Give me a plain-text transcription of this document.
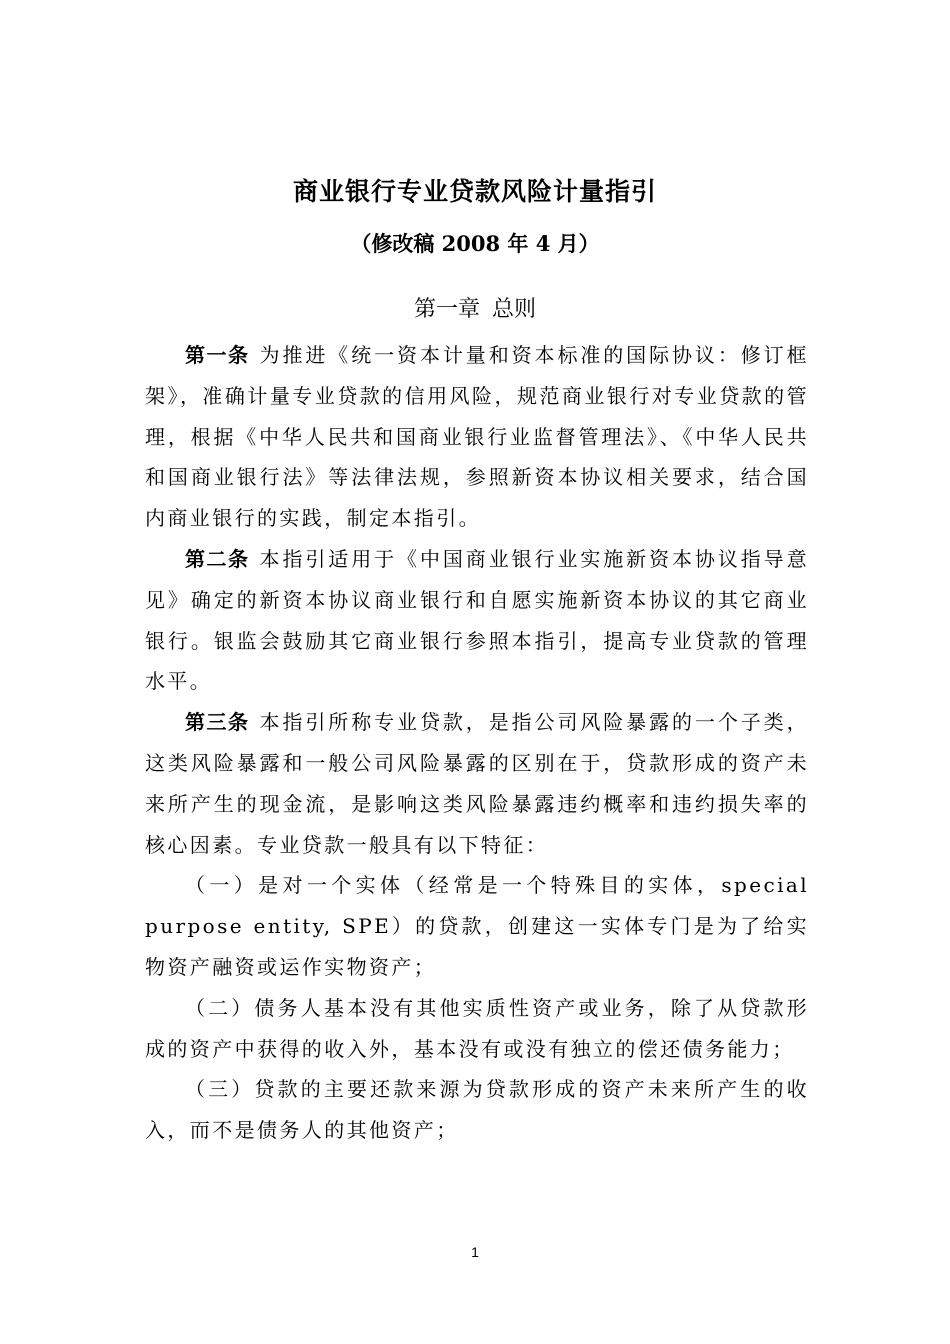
商业银行专业贷款风险计量指引
（修改稿 2008 年 4 月）
第一章 总则

第一条 为推进《统一资本计量和资本标准的国际协议：修订框架》，准确计量专业贷款的信用风险，规范商业银行对专业贷款的管理，根据《中华人民共和国商业银行业监督管理法》、《中华人民共和国商业银行法》等法律法规，参照新资本协议相关要求，结合国内商业银行的实践，制定本指引。

第二条 本指引适用于《中国商业银行业实施新资本协议指导意见》确定的新资本协议商业银行和自愿实施新资本协议的其它商业银行。银监会鼓励其它商业银行参照本指引，提高专业贷款的管理水平。

第三条 本指引所称专业贷款，是指公司风险暴露的一个子类，这类风险暴露和一般公司风险暴露的区别在于，贷款形成的资产未来所产生的现金流，是影响这类风险暴露违约概率和违约损失率的核心因素。专业贷款一般具有以下特征：

（一）是对一个实体（经常是一个特殊目的实体，special purpose entity, SPE）的贷款，创建这一实体专门是为了给实物资产融资或运作实物资产；

（二）债务人基本没有其他实质性资产或业务，除了从贷款形成的资产中获得的收入外，基本没有或没有独立的偿还债务能力；

（三）贷款的主要还款来源为贷款形成的资产未来所产生的收入，而不是债务人的其他资产；

1
